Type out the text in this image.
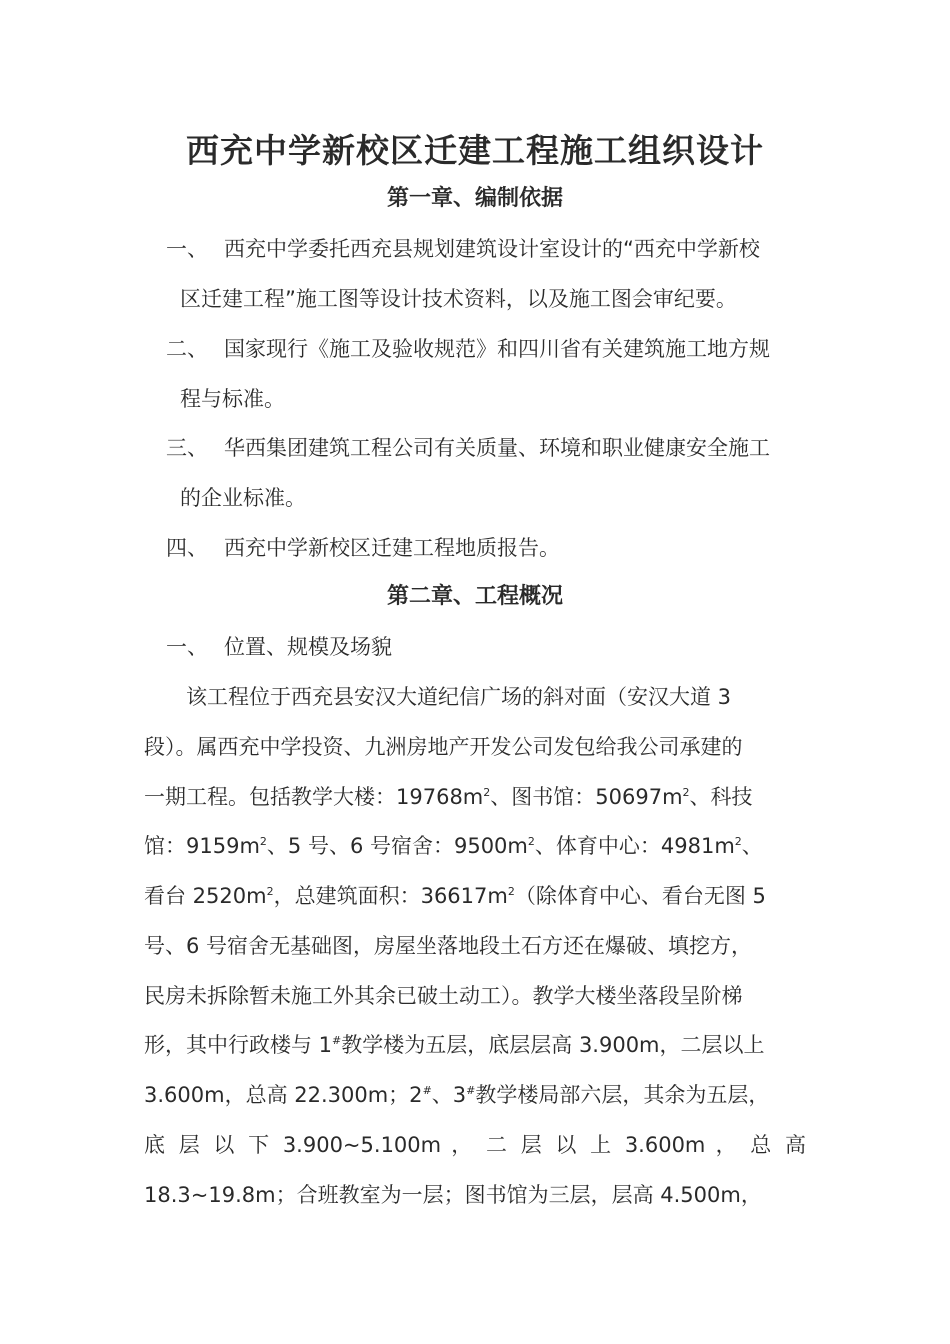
西充中学新校区迁建工程施工组织设计
第一章、编制依据
一、 西充中学委托西充县规划建筑设计室设计的“西充中学新校
区迁建工程”施工图等设计技术资料，以及施工图会审纪要。
二、 国家现行《施工及验收规范》和四川省有关建筑施工地方规
程与标准。
三、 华西集团建筑工程公司有关质量、环境和职业健康安全施工
的企业标准。
四、 西充中学新校区迁建工程地质报告。
第二章、工程概况
一、 位置、规模及场貌
该工程位于西充县安汉大道纪信广场的斜对面（安汉大道 3
段）。属西充中学投资、九洲房地产开发公司发包给我公司承建的
一期工程。包括教学大楼：$19768m^2$、图书馆：$50697m^2$、科技
馆：$9159m^2$、5 号、6 号宿舍：$9500m^2$、体育中心：$4981m^2$、
看台 $2520m^2$，总建筑面积：$36617m^2$（除体育中心、看台无图 5
号、6 号宿舍无基础图，房屋坐落地段土石方还在爆破、填挖方，
民房未拆除暂未施工外其余已破土动工）。教学大楼坐落段呈阶梯
形，其中行政楼与 1#教学楼为五层，底层层高 3.900m，二层以上
3.600m，总高 22.300m；2#、3#教学楼局部六层，其余为五层，
底 层 以 下 3.900~5.100m ， 二 层 以 上 3.600m ， 总 高
18.3~19.8m；合班教室为一层；图书馆为三层，层高 4.500m，
